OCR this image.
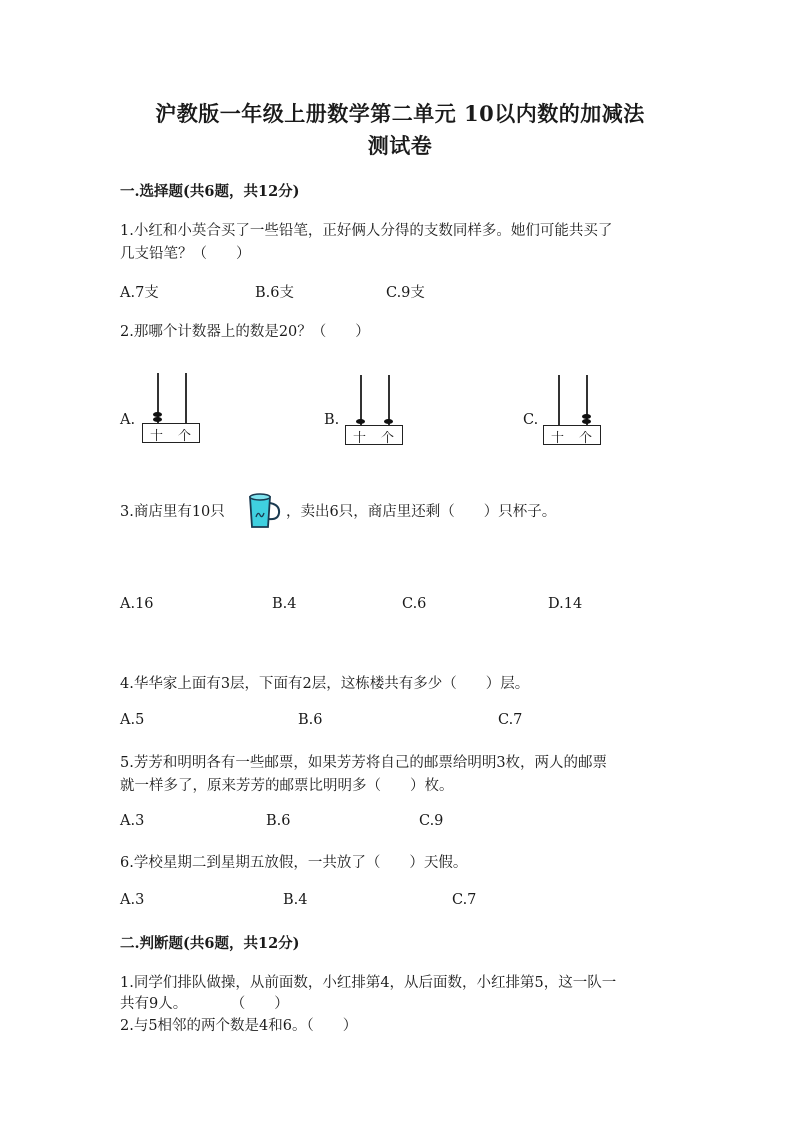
沪教版一年级上册数学第二单元 10以内数的加减法
测试卷
一.选择题(共6题，共12分)
1.小红和小英合买了一些铅笔，正好俩人分得的支数同样多。她们可能共买了
几支铅笔？（　　）
A.7支	B.6支	C.9支
2.那哪个计数器上的数是20？（　　）
A.
十 个
B.
十 个
C.
十 个
3.商店里有10只	，卖出6只，商店里还剩（　　）只杯子。
A.16	B.4	C.6	D.14
4.华华家上面有3层，下面有2层，这栋楼共有多少（　　）层。
A.5	B.6	C.7
5.芳芳和明明各有一些邮票，如果芳芳将自己的邮票给明明3枚，两人的邮票
就一样多了，原来芳芳的邮票比明明多（　　）枚。
A.3	B.6	C.9
6.学校星期二到星期五放假，一共放了（　　）天假。
A.3	B.4	C.7
二.判断题(共6题，共12分)
1.同学们排队做操，从前面数，小红排第4，从后面数，小红排第5，这一队一
共有9人。　　　　（　　）
2.与5相邻的两个数是4和6。（　　）
